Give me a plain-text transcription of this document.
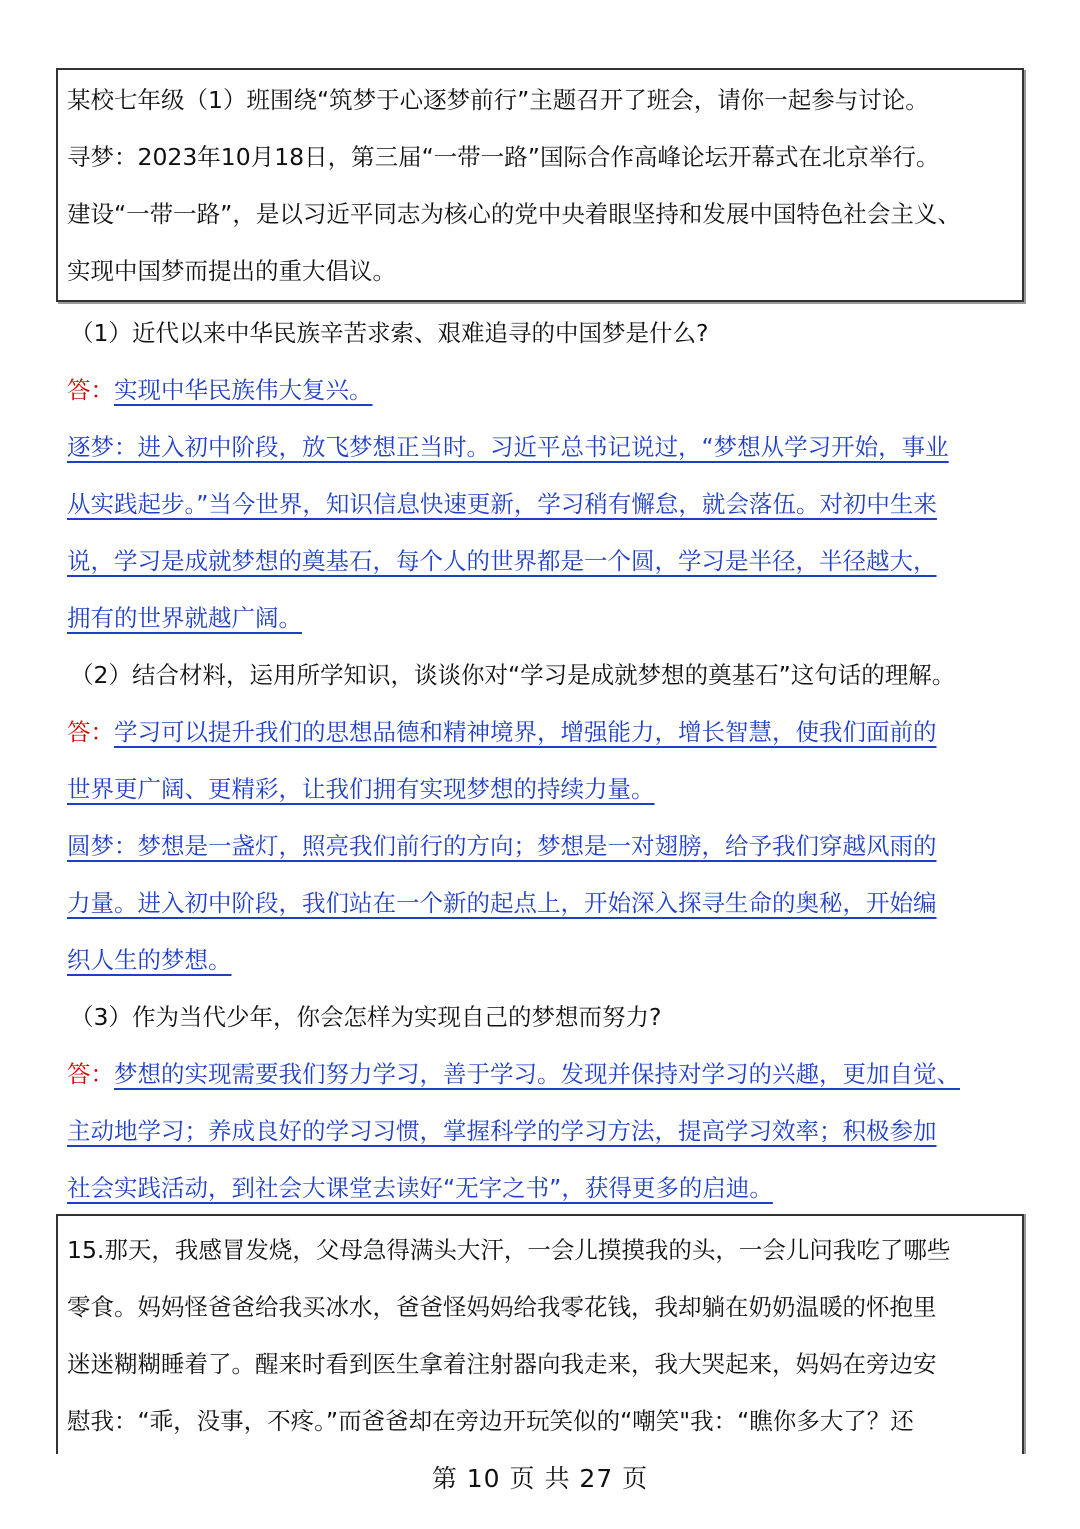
某校七年级（1）班围绕“筑梦于心逐梦前行”主题召开了班会，请你一起参与讨论。

寻梦：2023年10月18日，第三届“一带一路”国际合作高峰论坛开幕式在北京举行。

建设“一带一路”，是以习近平同志为核心的党中央着眼坚持和发展中国特色社会主义、

实现中国梦而提出的重大倡议。

（1）近代以来中华民族辛苦求索、艰难追寻的中国梦是什么?

答：实现中华民族伟大复兴。

逐梦：进入初中阶段，放飞梦想正当时。习近平总书记说过，“梦想从学习开始，事业

从实践起步。”当今世界，知识信息快速更新，学习稍有懈怠，就会落伍。对初中生来

说，学习是成就梦想的奠基石，每个人的世界都是一个圆，学习是半径，半径越大，

拥有的世界就越广阔。

（2）结合材料，运用所学知识，谈谈你对“学习是成就梦想的奠基石”这句话的理解。

答：学习可以提升我们的思想品德和精神境界，增强能力，增长智慧，使我们面前的

世界更广阔、更精彩，让我们拥有实现梦想的持续力量。

圆梦：梦想是一盏灯，照亮我们前行的方向；梦想是一对翅膀，给予我们穿越风雨的

力量。进入初中阶段，我们站在一个新的起点上，开始深入探寻生命的奥秘，开始编

织人生的梦想。

（3）作为当代少年，你会怎样为实现自己的梦想而努力?

答：梦想的实现需要我们努力学习，善于学习。发现并保持对学习的兴趣，更加自觉、

主动地学习；养成良好的学习习惯，掌握科学的学习方法，提高学习效率；积极参加

社会实践活动，到社会大课堂去读好“无字之书”，获得更多的启迪。

15.那天，我感冒发烧，父母急得满头大汗，一会儿摸摸我的头，一会儿问我吃了哪些

零食。妈妈怪爸爸给我买冰水，爸爸怪妈妈给我零花钱，我却躺在奶奶温暖的怀抱里

迷迷糊糊睡着了。醒来时看到医生拿着注射器向我走来，我大哭起来，妈妈在旁边安

慰我：“乖，没事，不疼。”而爸爸却在旁边开玩笑似的“嘲笑"我：“瞧你多大了？还

第 10 页 共 27 页
